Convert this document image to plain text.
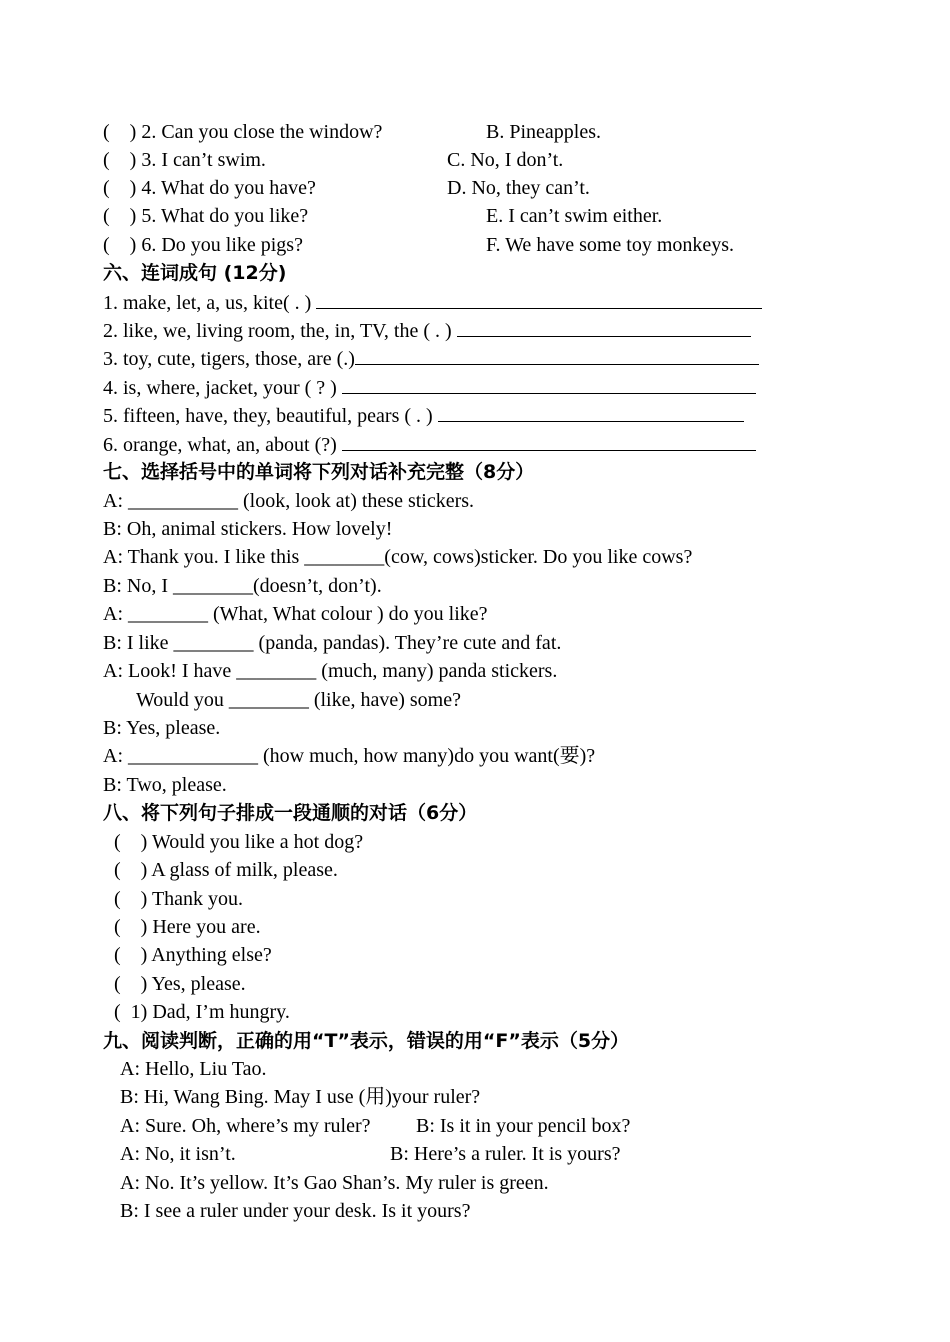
(    ) 2. Can you close the window?
(    ) 3. I can’t swim.
(    ) 4. What do you have?
(    ) 5. What do you like?
(    ) 6. Do you like pigs?
B. Pineapples.
C. No, I don’t.
D. No, they can’t.
E. I can’t swim either.
F. We have some toy monkeys.
六、连词成句 (12分)
1. make, let, a, us, kite( . )
2. like, we, living room, the, in, TV, the ( . )
3. toy, cute, tigers, those, are (.)
4. is, where, jacket, your ( ? )
5. fifteen, have, they, beautiful, pears ( . )
6. orange, what, an, about (?)
七、选择括号中的单词将下列对话补充完整（8分）
A: ___________ (look, look at) these stickers.
B: Oh, animal stickers. How lovely!
A: Thank you. I like this ________(cow, cows)sticker. Do you like cows?
B: No, I ________(doesn’t, don’t).
A: ________ (What, What colour ) do you like?
B: I like ________ (panda, pandas). They’re cute and fat.
A: Look! I have ________ (much, many) panda stickers.
Would you ________ (like, have) some?
B: Yes, please.
A: _____________ (how much, how many)do you want(要)?
B: Two, please.
八、将下列句子排成一段通顺的对话（6分）
(    ) Would you like a hot dog?
(    ) A glass of milk, please.
(    ) Thank you.
(    ) Here you are.
(    ) Anything else?
(    ) Yes, please.
(  1) Dad, I’m hungry.
九、阅读判断，正确的用“T”表示，错误的用“F”表示（5分）
A: Hello, Liu Tao.
B: Hi, Wang Bing. May I use (用)your ruler?
A: Sure. Oh, where’s my ruler? B: Is it in your pencil box?
A: No, it isn’t.	B: Here’s a ruler. It is yours?
A: No. It’s yellow. It’s Gao Shan’s. My ruler is green.
B: I see a ruler under your desk. Is it yours?
